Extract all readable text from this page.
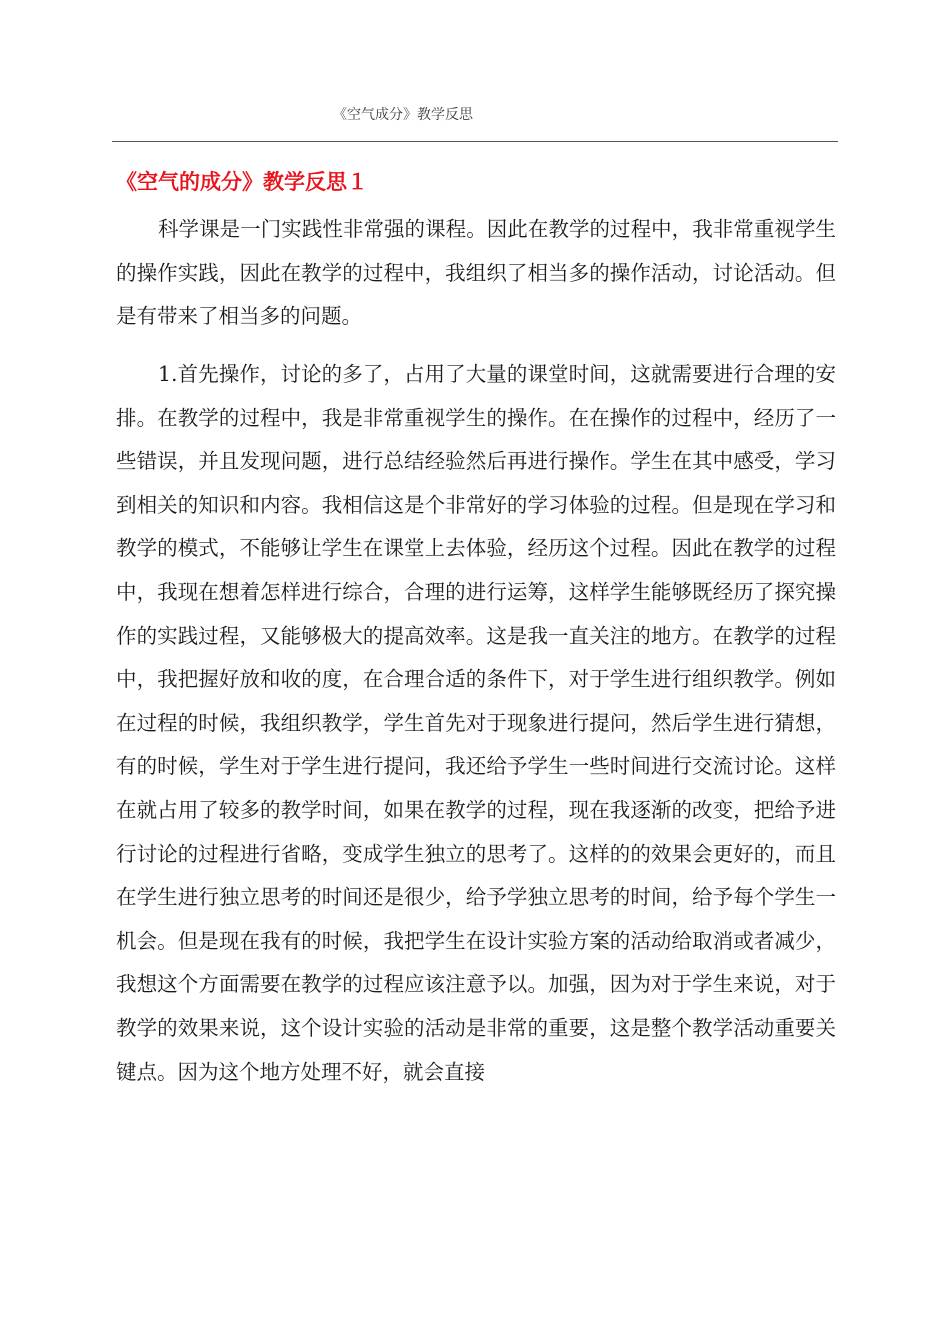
《空气成分》教学反思
《空气的成分》教学反思１

科学课是一门实践性非常强的课程。因此在教学的过程中，我非常重视学生的操作实践，因此在教学的过程中，我组织了相当多的操作活动，讨论活动。但是有带来了相当多的问题。

1.首先操作，讨论的多了，占用了大量的课堂时间，这就需要进行合理的安排。在教学的过程中，我是非常重视学生的操作。在在操作的过程中，经历了一些错误，并且发现问题，进行总结经验然后再进行操作。学生在其中感受，学习到相关的知识和内容。我相信这是个非常好的学习体验的过程。但是现在学习和教学的模式，不能够让学生在课堂上去体验，经历这个过程。因此在教学的过程中，我现在想着怎样进行综合，合理的进行运筹，这样学生能够既经历了探究操作的实践过程，又能够极大的提高效率。这是我一直关注的地方。在教学的过程中，我把握好放和收的度，在合理合适的条件下，对于学生进行组织教学。例如在过程的时候，我组织教学，学生首先对于现象进行提问，然后学生进行猜想，有的时候，学生对于学生进行提问，我还给予学生一些时间进行交流讨论。这样在就占用了较多的教学时间，如果在教学的过程，现在我逐渐的改变，把给予进行讨论的过程进行省略，变成学生独立的思考了。这样的的效果会更好的，而且在学生进行独立思考的时间还是很少，给予学独立思考的时间，给予每个学生一机会。但是现在我有的时候，我把学生在设计实验方案的活动给取消或者减少，我想这个方面需要在教学的过程应该注意予以。加强，因为对于学生来说，对于教学的效果来说，这个设计实验的活动是非常的重要，这是整个教学活动重要关键点。因为这个地方处理不好，就会直接
